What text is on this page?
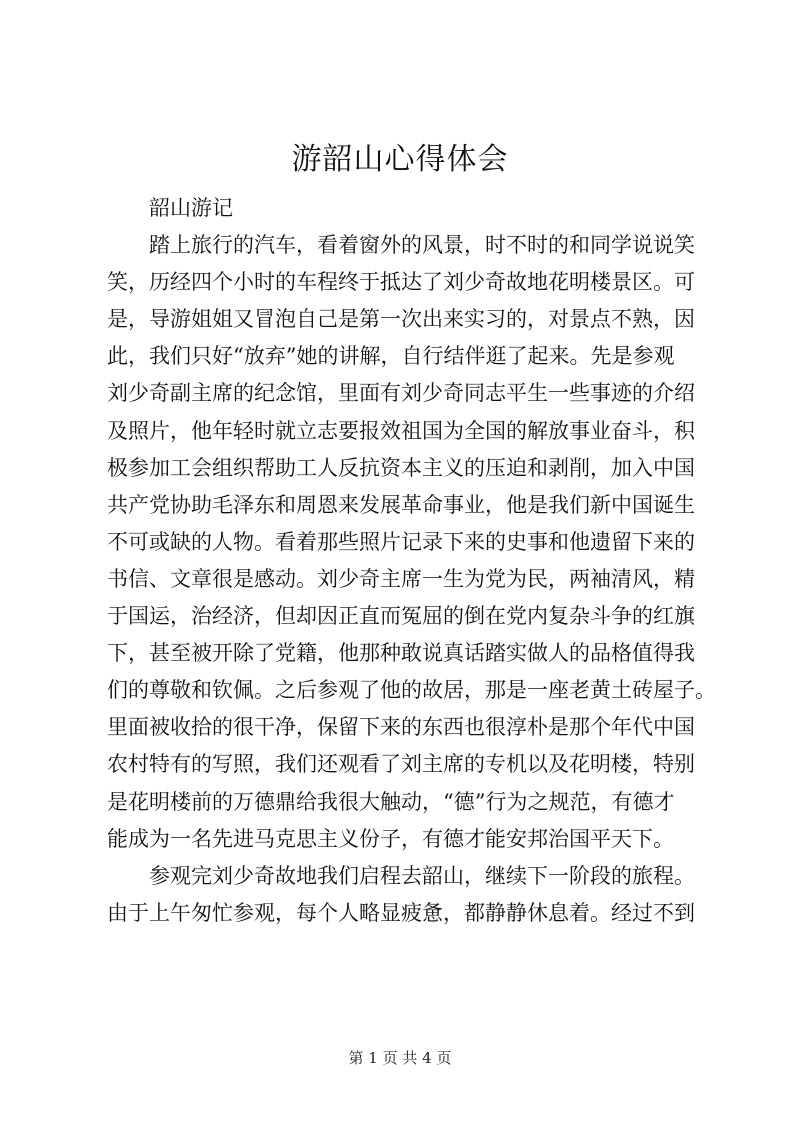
游韶山心得体会
韶山游记
踏上旅行的汽车，看着窗外的风景，时不时的和同学说说笑
笑，历经四个小时的车程终于抵达了刘少奇故地花明楼景区。可
是，导游姐姐又冒泡自己是第一次出来实习的，对景点不熟，因
此，我们只好“放弃”她的讲解，自行结伴逛了起来。先是参观
刘少奇副主席的纪念馆，里面有刘少奇同志平生一些事迹的介绍
及照片，他年轻时就立志要报效祖国为全国的解放事业奋斗，积
极参加工会组织帮助工人反抗资本主义的压迫和剥削，加入中国
共产党协助毛泽东和周恩来发展革命事业，他是我们新中国诞生
不可或缺的人物。看着那些照片记录下来的史事和他遗留下来的
书信、文章很是感动。刘少奇主席一生为党为民，两袖清风，精
于国运，治经济，但却因正直而冤屈的倒在党内复杂斗争的红旗
下，甚至被开除了党籍，他那种敢说真话踏实做人的品格值得我
们的尊敬和钦佩。之后参观了他的故居，那是一座老黄土砖屋子。
里面被收拾的很干净，保留下来的东西也很淳朴是那个年代中国
农村特有的写照，我们还观看了刘主席的专机以及花明楼，特别
是花明楼前的万德鼎给我很大触动，“德”行为之规范，有德才
能成为一名先进马克思主义份子，有德才能安邦治国平天下。
参观完刘少奇故地我们启程去韶山，继续下一阶段的旅程。
由于上午匆忙参观，每个人略显疲惫，都静静休息着。经过不到
第 1 页 共 4 页
